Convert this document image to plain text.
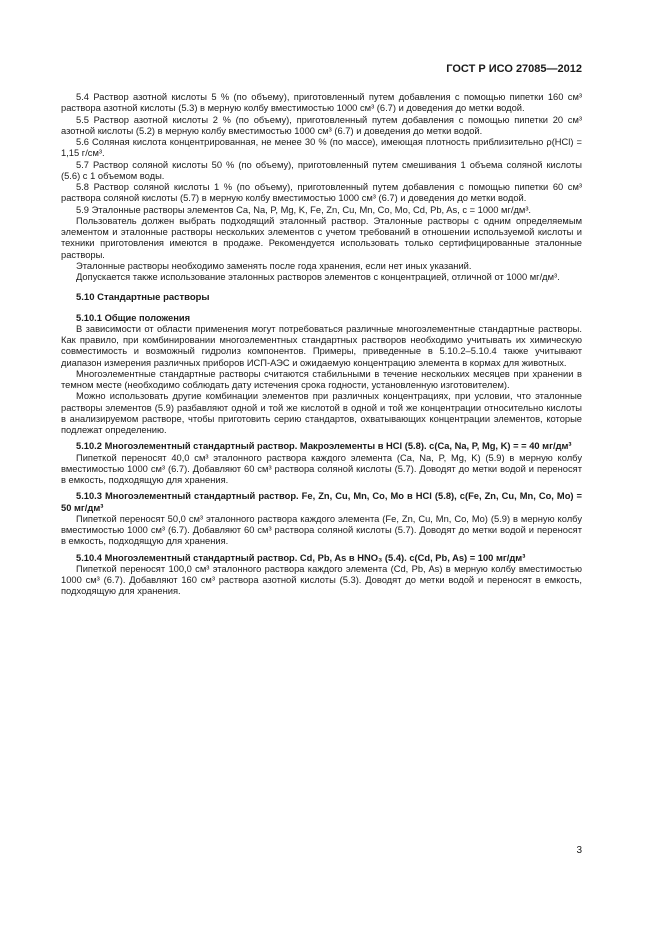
ГОСТ Р ИСО 27085—2012

5.4 Раствор азотной кислоты 5 % (по объему), приготовленный путем добавления с помощью пипетки 160 см³ раствора азотной кислоты (5.3) в мерную колбу вместимостью 1000 см³ (6.7) и доведения до метки водой.

5.5 Раствор азотной кислоты 2 % (по объему), приготовленный путем добавления с помощью пипетки 20 см³ азотной кислоты (5.2) в мерную колбу вместимостью 1000 см³ (6.7) и доведения до метки водой.

5.6 Соляная кислота концентрированная, не менее 30 % (по массе), имеющая плотность приблизительно ρ(HCl) = 1,15 г/см³.

5.7 Раствор соляной кислоты 50 % (по объему), приготовленный путем смешивания 1 объема соляной кислоты (5.6) с 1 объемом воды.

5.8 Раствор соляной кислоты 1 % (по объему), приготовленный путем добавления с помощью пипетки 60 см³ раствора соляной кислоты (5.7) в мерную колбу вместимостью 1000 см³ (6.7) и доведения до метки водой.

5.9 Эталонные растворы элементов Ca, Na, P, Mg, K, Fe, Zn, Cu, Mn, Co, Mo, Cd, Pb, As, c = 1000 мг/дм³.

Пользователь должен выбрать подходящий эталонный раствор. Эталонные растворы с одним определяемым элементом и эталонные растворы нескольких элементов с учетом требований в отношении используемой кислоты и техники приготовления имеются в продаже. Рекомендуется использовать только сертифицированные эталонные растворы.

Эталонные растворы необходимо заменять после года хранения, если нет иных указаний.

Допускается также использование эталонных растворов элементов с концентрацией, отличной от 1000 мг/дм³.

5.10 Стандартные растворы
5.10.1 Общие положения

В зависимости от области применения могут потребоваться различные многоэлементные стандартные растворы. Как правило, при комбинировании многоэлементных стандартных растворов необходимо учитывать их химическую совместимость и возможный гидролиз компонентов. Примеры, приведенные в 5.10.2–5.10.4 также учитывают диапазон измерения различных приборов ИСП-АЭС и ожидаемую концентрацию элемента в кормах для животных.

Многоэлементные стандартные растворы считаются стабильными в течение нескольких месяцев при хранении в темном месте (необходимо соблюдать дату истечения срока годности, установленную изготовителем).

Можно использовать другие комбинации элементов при различных концентрациях, при условии, что эталонные растворы элементов (5.9) разбавляют одной и той же кислотой в одной и той же концентрации относительно кислоты в анализируемом растворе, чтобы приготовить серию стандартов, охватывающих концентрации элементов, которые подлежат определению.

5.10.2 Многоэлементный стандартный раствор. Макроэлементы в HCl (5.8). c(Ca, Na, P, Mg, K) = = 40 мг/дм³

Пипеткой переносят 40,0 см³ эталонного раствора каждого элемента (Ca, Na, P, Mg, K) (5.9) в мерную колбу вместимостью 1000 см³ (6.7). Добавляют 60 см³ раствора соляной кислоты (5.7). Доводят до метки водой и переносят в емкость, подходящую для хранения.

5.10.3 Многоэлементный стандартный раствор. Fe, Zn, Cu, Mn, Co, Mo в HCl (5.8), c(Fe, Zn, Cu, Mn, Co, Mo) = 50 мг/дм³

Пипеткой переносят 50,0 см³ эталонного раствора каждого элемента (Fe, Zn, Cu, Mn, Co, Mo) (5.9) в мерную колбу вместимостью 1000 см³ (6.7). Добавляют 60 см³ раствора соляной кислоты (5.7). Доводят до метки водой и переносят в емкость, подходящую для хранения.

5.10.4 Многоэлементный стандартный раствор. Cd, Pb, As в HNO₃ (5.4). c(Cd, Pb, As) = 100 мг/дм³

Пипеткой переносят 100,0 см³ эталонного раствора каждого элемента (Cd, Pb, As) в мерную колбу вместимостью 1000 см³ (6.7). Добавляют 160 см³ раствора азотной кислоты (5.3). Доводят до метки водой и переносят в емкость, подходящую для хранения.

3
